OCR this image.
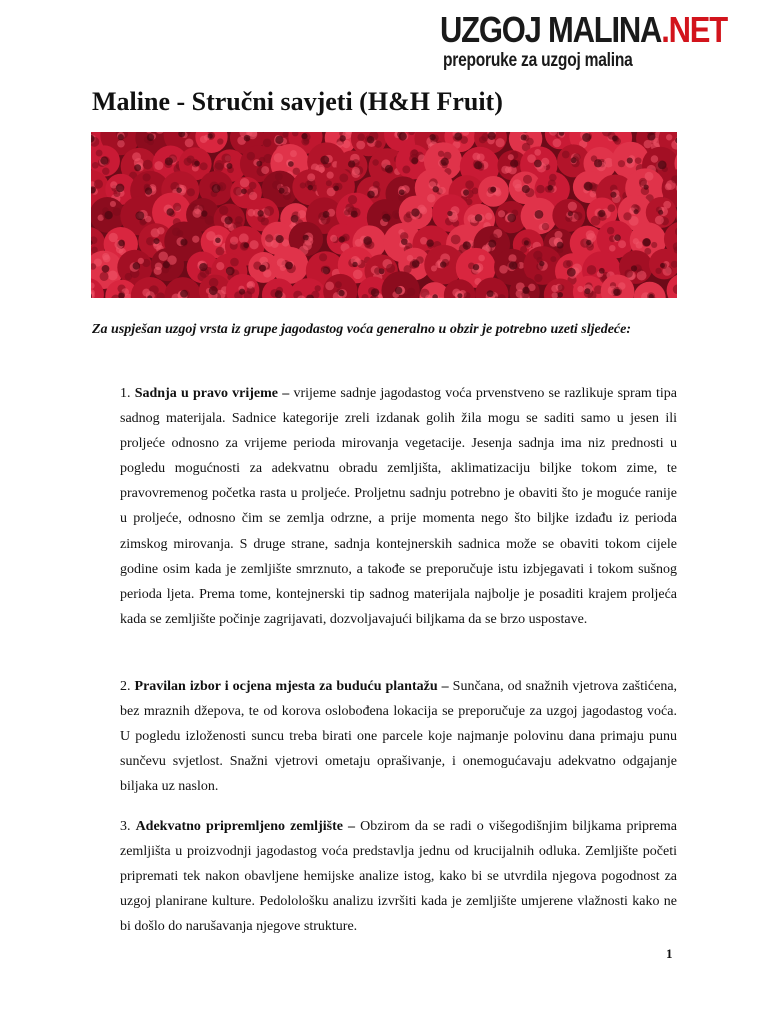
UZGOJ MALINA.NET
preporuke za uzgoj malina
Maline - Stručni savjeti (H&H Fruit)

Za uspješan uzgoj vrsta iz grupe jagodastog voća generalno u obzir je potrebno uzeti sljedeće:

1. Sadnja u pravo vrijeme – vrijeme sadnje jagodastog voća prvenstveno se razlikuje spram tipa sadnog materijala. Sadnice kategorije zreli izdanak golih žila mogu se saditi samo u jesen ili proljeće odnosno za vrijeme perioda mirovanja vegetacije. Jesenja sadnja ima niz prednosti u pogledu mogućnosti za adekvatnu obradu zemljišta, aklimatizaciju biljke tokom zime, te pravovremenog početka rasta u proljeće. Proljetnu sadnju potrebno je obaviti što je moguće ranije u proljeće, odnosno čim se zemlja odrzne, a prije momenta nego što biljke izdađu iz perioda zimskog mirovanja. S druge strane, sadnja kontejnerskih sadnica može se obaviti tokom cijele godine osim kada je zemljište smrznuto, a takođe se preporučuje istu izbjegavati i tokom sušnog perioda ljeta. Prema tome, kontejnerski tip sadnog materijala najbolje je posaditi krajem proljeća kada se zemljište počinje zagrijavati, dozvoljavajući biljkama da se brzo uspostave.

2. Pravilan izbor i ocjena mjesta za buduću plantažu – Sunčana, od snažnih vjetrova zaštićena, bez mraznih džepova, te od korova oslobođena lokacija se preporučuje za uzgoj jagodastog voća. U pogledu izloženosti suncu treba birati one parcele koje najmanje polovinu dana primaju punu sunčevu svjetlost. Snažni vjetrovi ometaju oprašivanje, i onemogućavaju adekvatno odgajanje biljaka uz naslon.

3. Adekvatno pripremljeno zemljište – Obzirom da se radi o višegodišnjim biljkama priprema zemljišta u proizvodnji jagodastog voća predstavlja jednu od krucijalnih odluka. Zemljište početi pripremati tek nakon obavljene hemijske analize istog, kako bi se utvrdila njegova pogodnost za uzgoj planirane kulture. Pedolološku analizu izvršiti kada je zemljište umjerene vlažnosti kako ne bi došlo do narušavanja njegove strukture.

1
